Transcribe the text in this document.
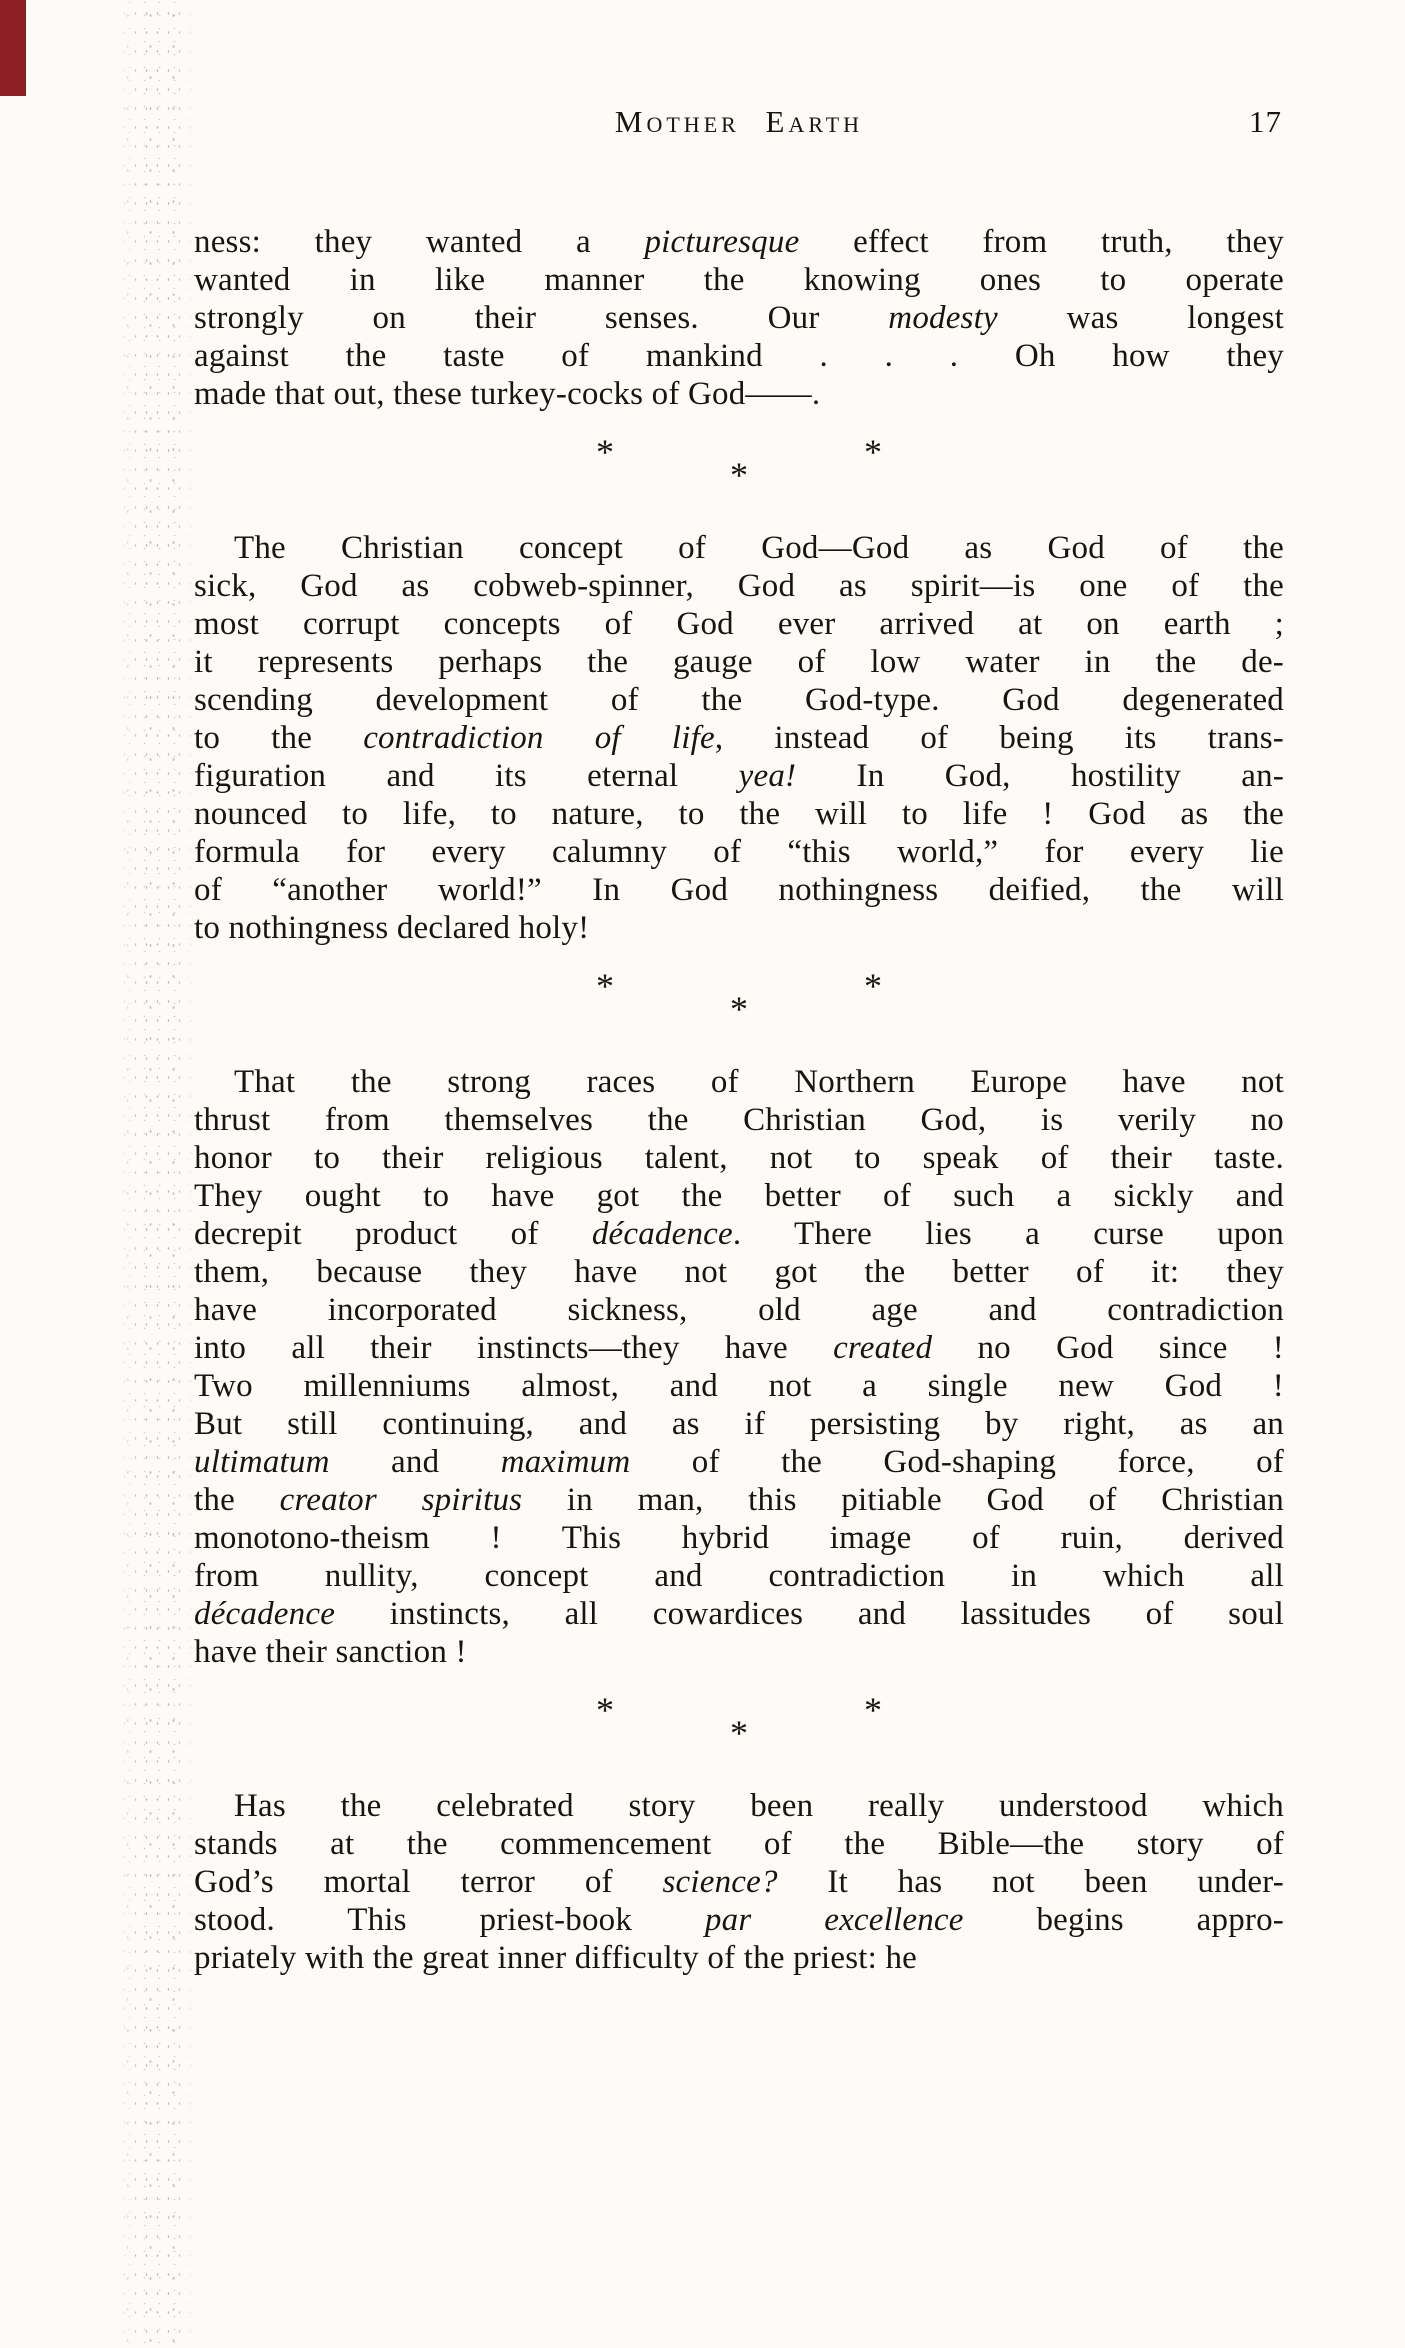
Mother Earth	17
ness: they wanted a picturesque effect from truth, they
wanted in like manner the knowing ones to operate
strongly on their senses. Our modesty was longest
against the taste of mankind . . . Oh how they
made that out, these turkey-cocks of God——.
*
*
*
The Christian concept of God—God as God of the
sick, God as cobweb-spinner, God as spirit—is one of the
most corrupt concepts of God ever arrived at on earth ;
it represents perhaps the gauge of low water in the de-
scending development of the God-type. God degenerated
to the contradiction of life, instead of being its trans-
figuration and its eternal yea! In God, hostility an-
nounced to life, to nature, to the will to life ! God as the
formula for every calumny of “this world,” for every lie
of “another world!” In God nothingness deified, the will
to nothingness declared holy!
*
*
*
That the strong races of Northern Europe have not
thrust from themselves the Christian God, is verily no
honor to their religious talent, not to speak of their taste.
They ought to have got the better of such a sickly and
decrepit product of décadence. There lies a curse upon
them, because they have not got the better of it: they
have incorporated sickness, old age and contradiction
into all their instincts—they have created no God since !
Two millenniums almost, and not a single new God !
But still continuing, and as if persisting by right, as an
ultimatum and maximum of the God-shaping force, of
the creator spiritus in man, this pitiable God of Christian
monotono-theism ! This hybrid image of ruin, derived
from nullity, concept and contradiction in which all
décadence instincts, all cowardices and lassitudes of soul
have their sanction !
*
*
*
Has the celebrated story been really understood which
stands at the commencement of the Bible—the story of
God’s mortal terror of science? It has not been under-
stood. This priest-book par excellence begins appro-
priately with the great inner difficulty of the priest: he
